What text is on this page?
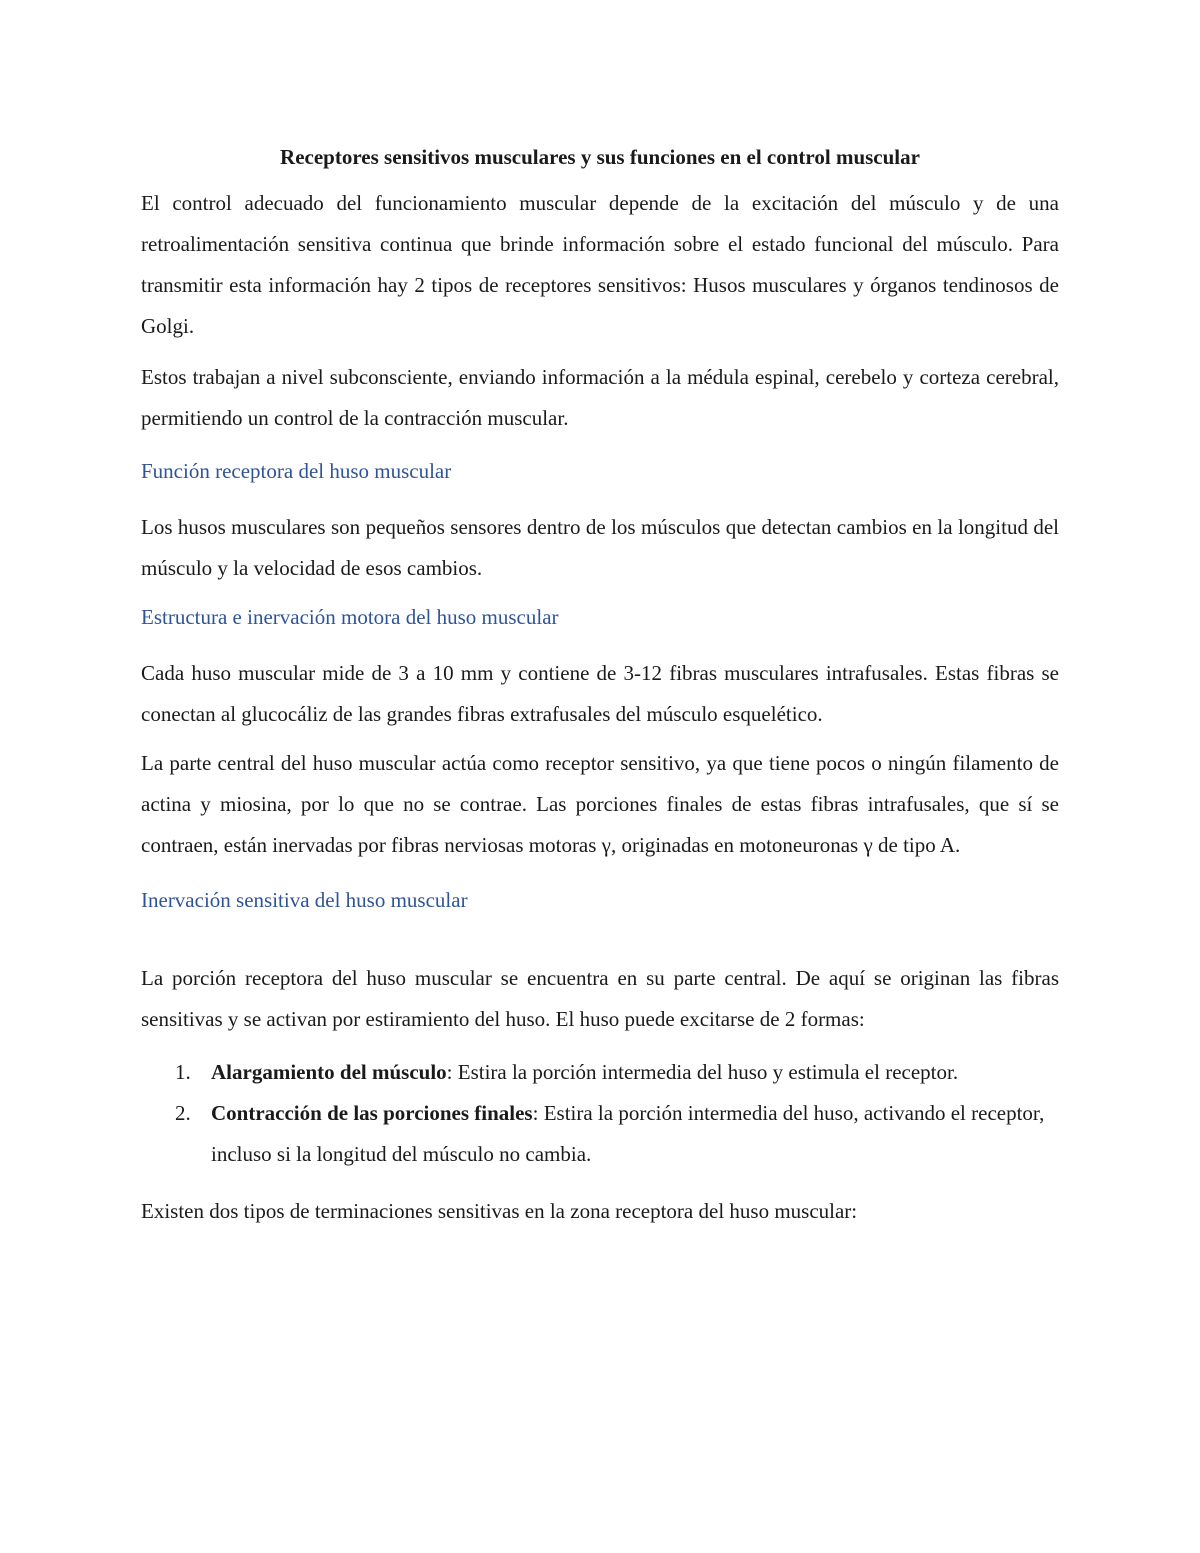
Receptores sensitivos musculares y sus funciones en el control muscular

El control adecuado del funcionamiento muscular depende de la excitación del músculo y de una retroalimentación sensitiva continua que brinde información sobre el estado funcional del músculo. Para transmitir esta información hay 2 tipos de receptores sensitivos: Husos musculares y órganos tendinosos de Golgi.

Estos trabajan a nivel subconsciente, enviando información a la médula espinal, cerebelo y corteza cerebral, permitiendo un control de la contracción muscular.

Función receptora del huso muscular

Los husos musculares son pequeños sensores dentro de los músculos que detectan cambios en la longitud del músculo y la velocidad de esos cambios.

Estructura e inervación motora del huso muscular

Cada huso muscular mide de 3 a 10 mm y contiene de 3-12 fibras musculares intrafusales. Estas fibras se conectan al glucocáliz de las grandes fibras extrafusales del músculo esquelético.

La parte central del huso muscular actúa como receptor sensitivo, ya que tiene pocos o ningún filamento de actina y miosina, por lo que no se contrae. Las porciones finales de estas fibras intrafusales, que sí se contraen, están inervadas por fibras nerviosas motoras γ, originadas en motoneuronas γ de tipo A.

Inervación sensitiva del huso muscular

La porción receptora del huso muscular se encuentra en su parte central. De aquí se originan las fibras sensitivas y se activan por estiramiento del huso. El huso puede excitarse de 2 formas:

1. Alargamiento del músculo: Estira la porción intermedia del huso y estimula el receptor.
2. Contracción de las porciones finales: Estira la porción intermedia del huso, activando el receptor, incluso si la longitud del músculo no cambia.

Existen dos tipos de terminaciones sensitivas en la zona receptora del huso muscular:
